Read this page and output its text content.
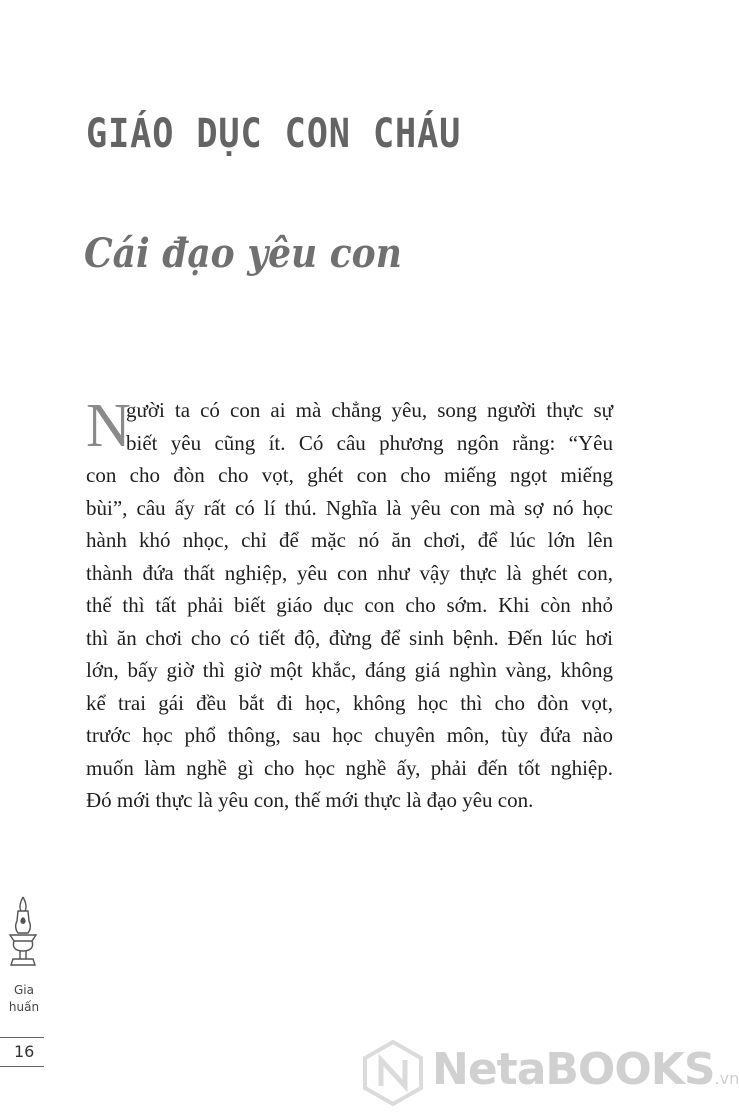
GIÁO DỤC CON CHÁU
Cái đạo yêu con
N
gười ta có con ai mà chẳng yêu, song người thực sự
biết yêu cũng ít. Có câu phương ngôn rằng: “Yêu
con cho đòn cho vọt, ghét con cho miếng ngọt miếng
bùi”, câu ấy rất có lí thú. Nghĩa là yêu con mà sợ nó học
hành khó nhọc, chỉ để mặc nó ăn chơi, để lúc lớn lên
thành đứa thất nghiệp, yêu con như vậy thực là ghét con,
thế thì tất phải biết giáo dục con cho sớm. Khi còn nhỏ
thì ăn chơi cho có tiết độ, đừng để sinh bệnh. Đến lúc hơi
lớn, bấy giờ thì giờ một khắc, đáng giá nghìn vàng, không
kể trai gái đều bắt đi học, không học thì cho đòn vọt,
trước học phổ thông, sau học chuyên môn, tùy đứa nào
muốn làm nghề gì cho học nghề ấy, phải đến tốt nghiệp.
Đó mới thực là yêu con, thế mới thực là đạo yêu con.
Gia
huấn
16	NetaBOOKS.vn
